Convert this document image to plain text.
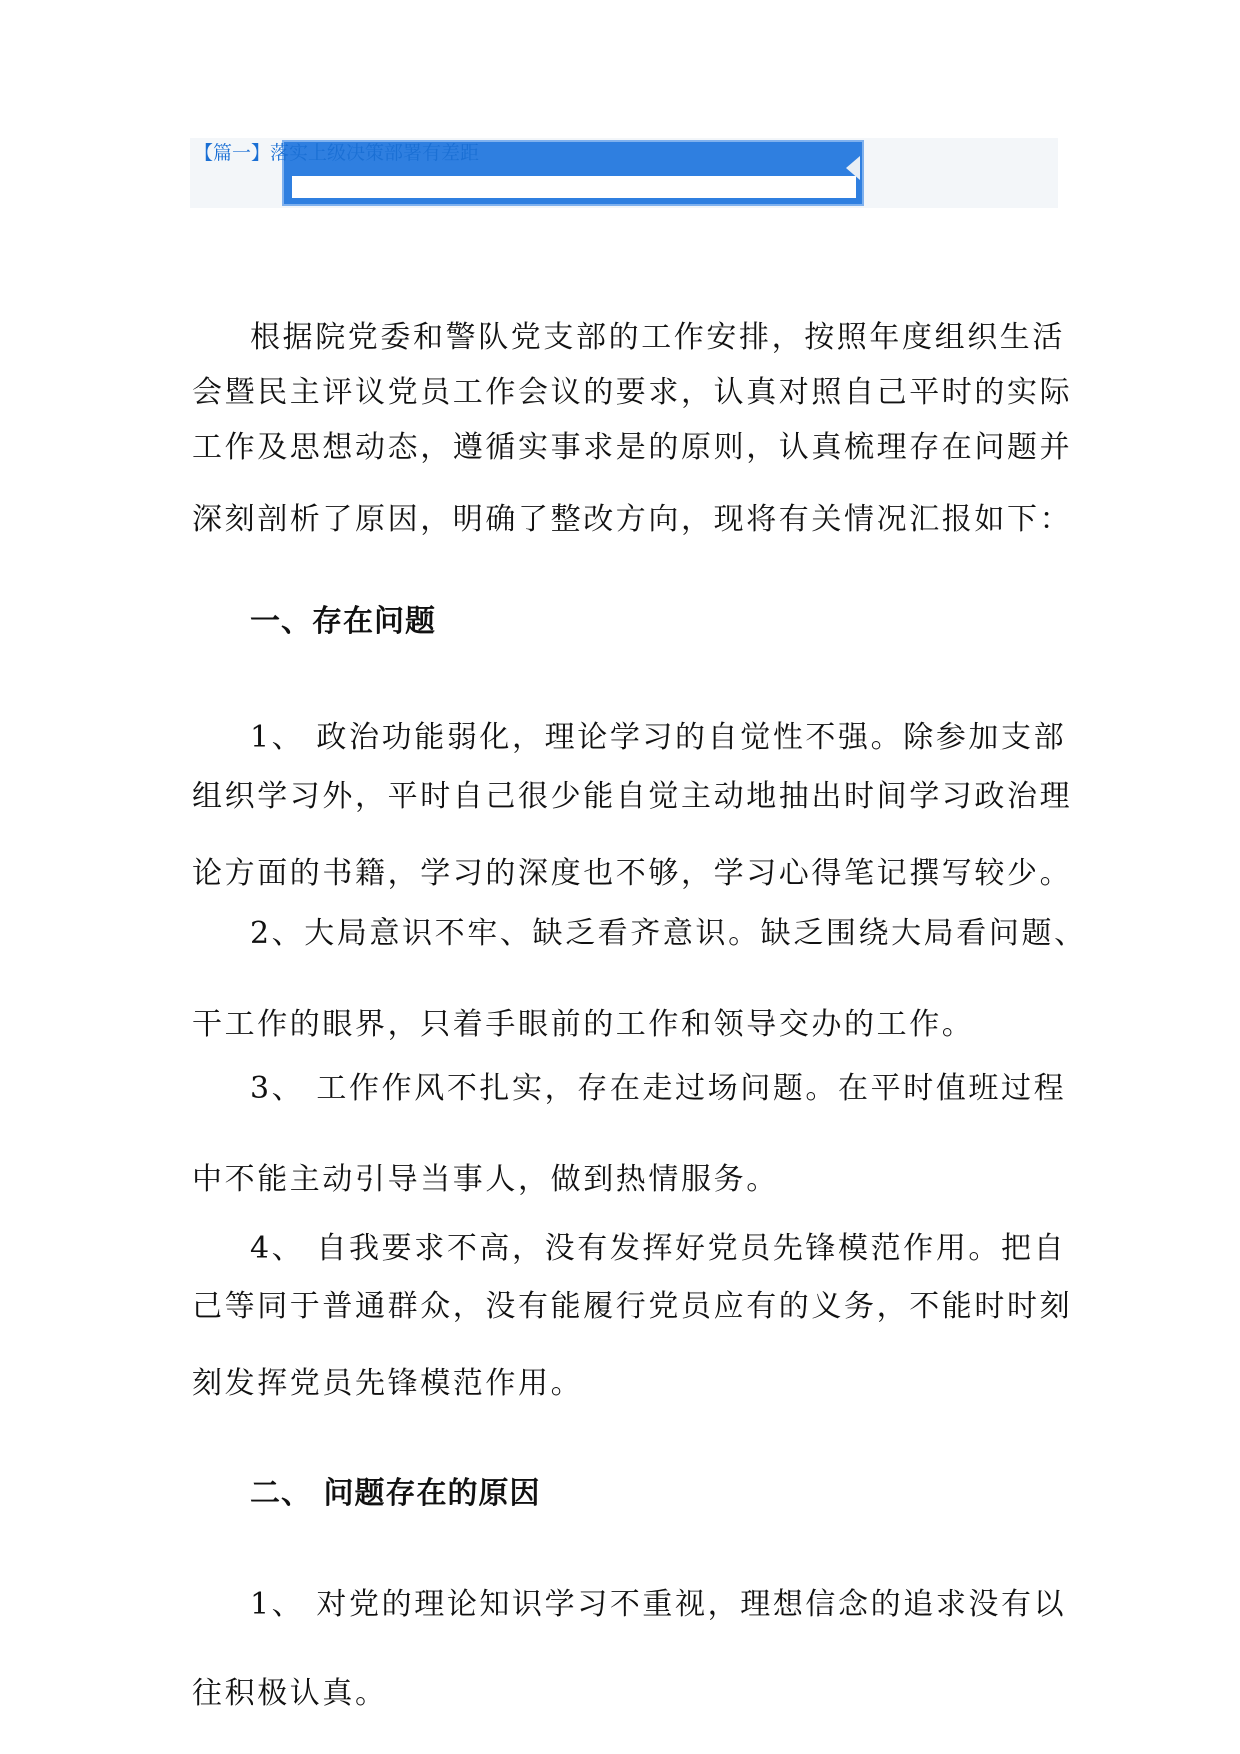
【篇一】落实上级决策部署有差距
根据院党委和警队党支部的工作安排，按照年度组织生活
会暨民主评议党员工作会议的要求，认真对照自己平时的实际
工作及思想动态，遵循实事求是的原则，认真梳理存在问题并
深刻剖析了原因，明确了整改方向，现将有关情况汇报如下：
一、存在问题
1、 政治功能弱化，理论学习的自觉性不强。除参加支部
组织学习外，平时自己很少能自觉主动地抽出时间学习政治理
论方面的书籍，学习的深度也不够，学习心得笔记撰写较少。
2、大局意识不牢、缺乏看齐意识。缺乏围绕大局看问题、
干工作的眼界，只着手眼前的工作和领导交办的工作。
3、 工作作风不扎实，存在走过场问题。在平时值班过程
中不能主动引导当事人，做到热情服务。
4、 自我要求不高，没有发挥好党员先锋模范作用。把自
己等同于普通群众，没有能履行党员应有的义务，不能时时刻
刻发挥党员先锋模范作用。
二、 问题存在的原因
1、 对党的理论知识学习不重视，理想信念的追求没有以
往积极认真。
